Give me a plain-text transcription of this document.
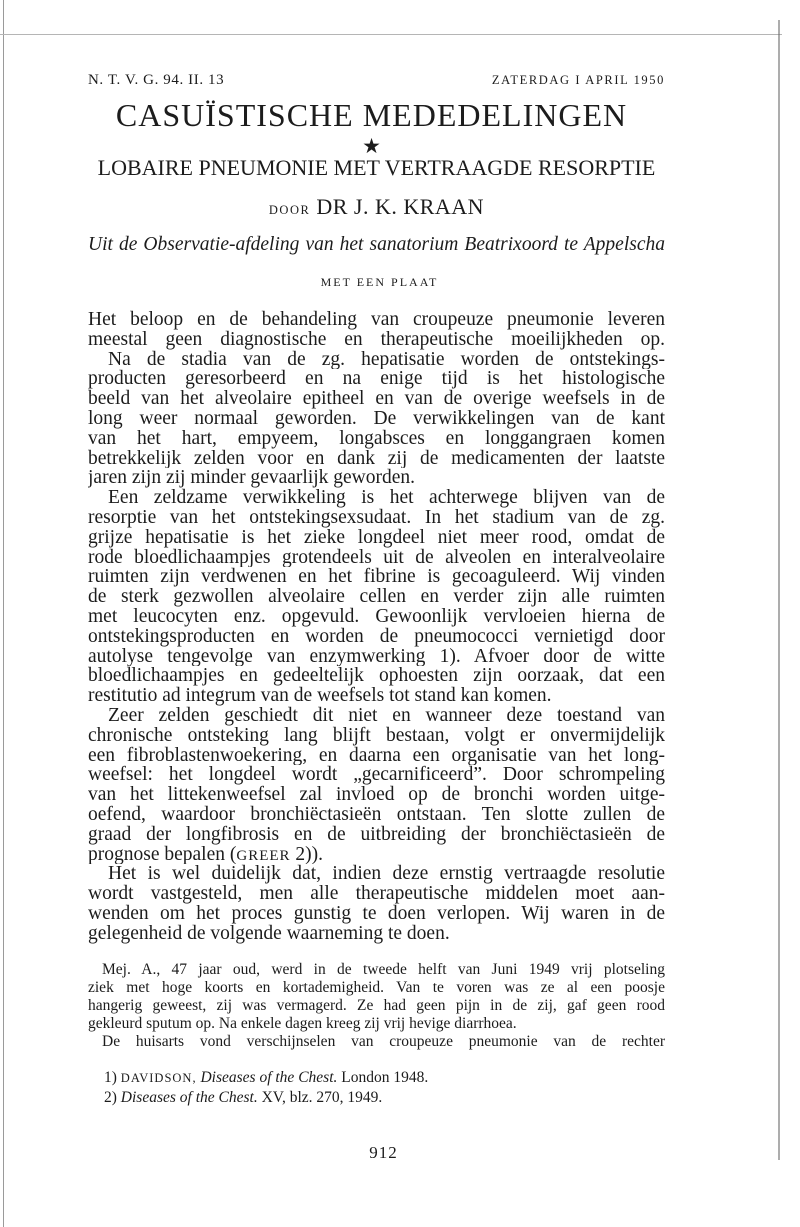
N. T. V. G. 94. II. 13	ZATERDAG I APRIL 1950
CASUÏSTISCHE MEDEDELINGEN
★
LOBAIRE PNEUMONIE MET VERTRAAGDE RESORPTIE
DOOR DR J. K. KRAAN
Uit de Observatie-afdeling van het sanatorium Beatrixoord te Appelscha
MET EEN PLAAT
Het beloop en de behandeling van croupeuze pneumonie leveren
meestal geen diagnostische en therapeutische moeilijkheden op.
Na de stadia van de zg. hepatisatie worden de ontstekings-
producten geresorbeerd en na enige tijd is het histologische
beeld van het alveolaire epitheel en van de overige weefsels in de
long weer normaal geworden. De verwikkelingen van de kant
van het hart, empyeem, longabsces en longgangraen komen
betrekkelijk zelden voor en dank zij de medicamenten der laatste
jaren zijn zij minder gevaarlijk geworden.
Een zeldzame verwikkeling is het achterwege blijven van de
resorptie van het ontstekingsexsudaat. In het stadium van de zg.
grijze hepatisatie is het zieke longdeel niet meer rood, omdat de
rode bloedlichaampjes grotendeels uit de alveolen en interalveolaire
ruimten zijn verdwenen en het fibrine is gecoaguleerd. Wij vinden
de sterk gezwollen alveolaire cellen en verder zijn alle ruimten
met leucocyten enz. opgevuld. Gewoonlijk vervloeien hierna de
ontstekingsproducten en worden de pneumococci vernietigd door
autolyse tengevolge van enzymwerking 1). Afvoer door de witte
bloedlichaampjes en gedeeltelijk ophoesten zijn oorzaak, dat een
restitutio ad integrum van de weefsels tot stand kan komen.
Zeer zelden geschiedt dit niet en wanneer deze toestand van
chronische ontsteking lang blijft bestaan, volgt er onvermijdelijk
een fibroblastenwoekering, en daarna een organisatie van het long-
weefsel: het longdeel wordt „gecarnificeerd”. Door schrompeling
van het littekenweefsel zal invloed op de bronchi worden uitge-
oefend, waardoor bronchiëctasieën ontstaan. Ten slotte zullen de
graad der longfibrosis en de uitbreiding der bronchiëctasieën de
prognose bepalen (GREER 2)).
Het is wel duidelijk dat, indien deze ernstig vertraagde resolutie
wordt vastgesteld, men alle therapeutische middelen moet aan-
wenden om het proces gunstig te doen verlopen. Wij waren in de
gelegenheid de volgende waarneming te doen.
Mej. A., 47 jaar oud, werd in de tweede helft van Juni 1949 vrij plotseling
ziek met hoge koorts en kortademigheid. Van te voren was ze al een poosje
hangerig geweest, zij was vermagerd. Ze had geen pijn in de zij, gaf geen rood
gekleurd sputum op. Na enkele dagen kreeg zij vrij hevige diarrhoea.
De huisarts vond verschijnselen van croupeuze pneumonie van de rechter
1) DAVIDSON, Diseases of the Chest. London 1948.
2) Diseases of the Chest. XV, blz. 270, 1949.
912
